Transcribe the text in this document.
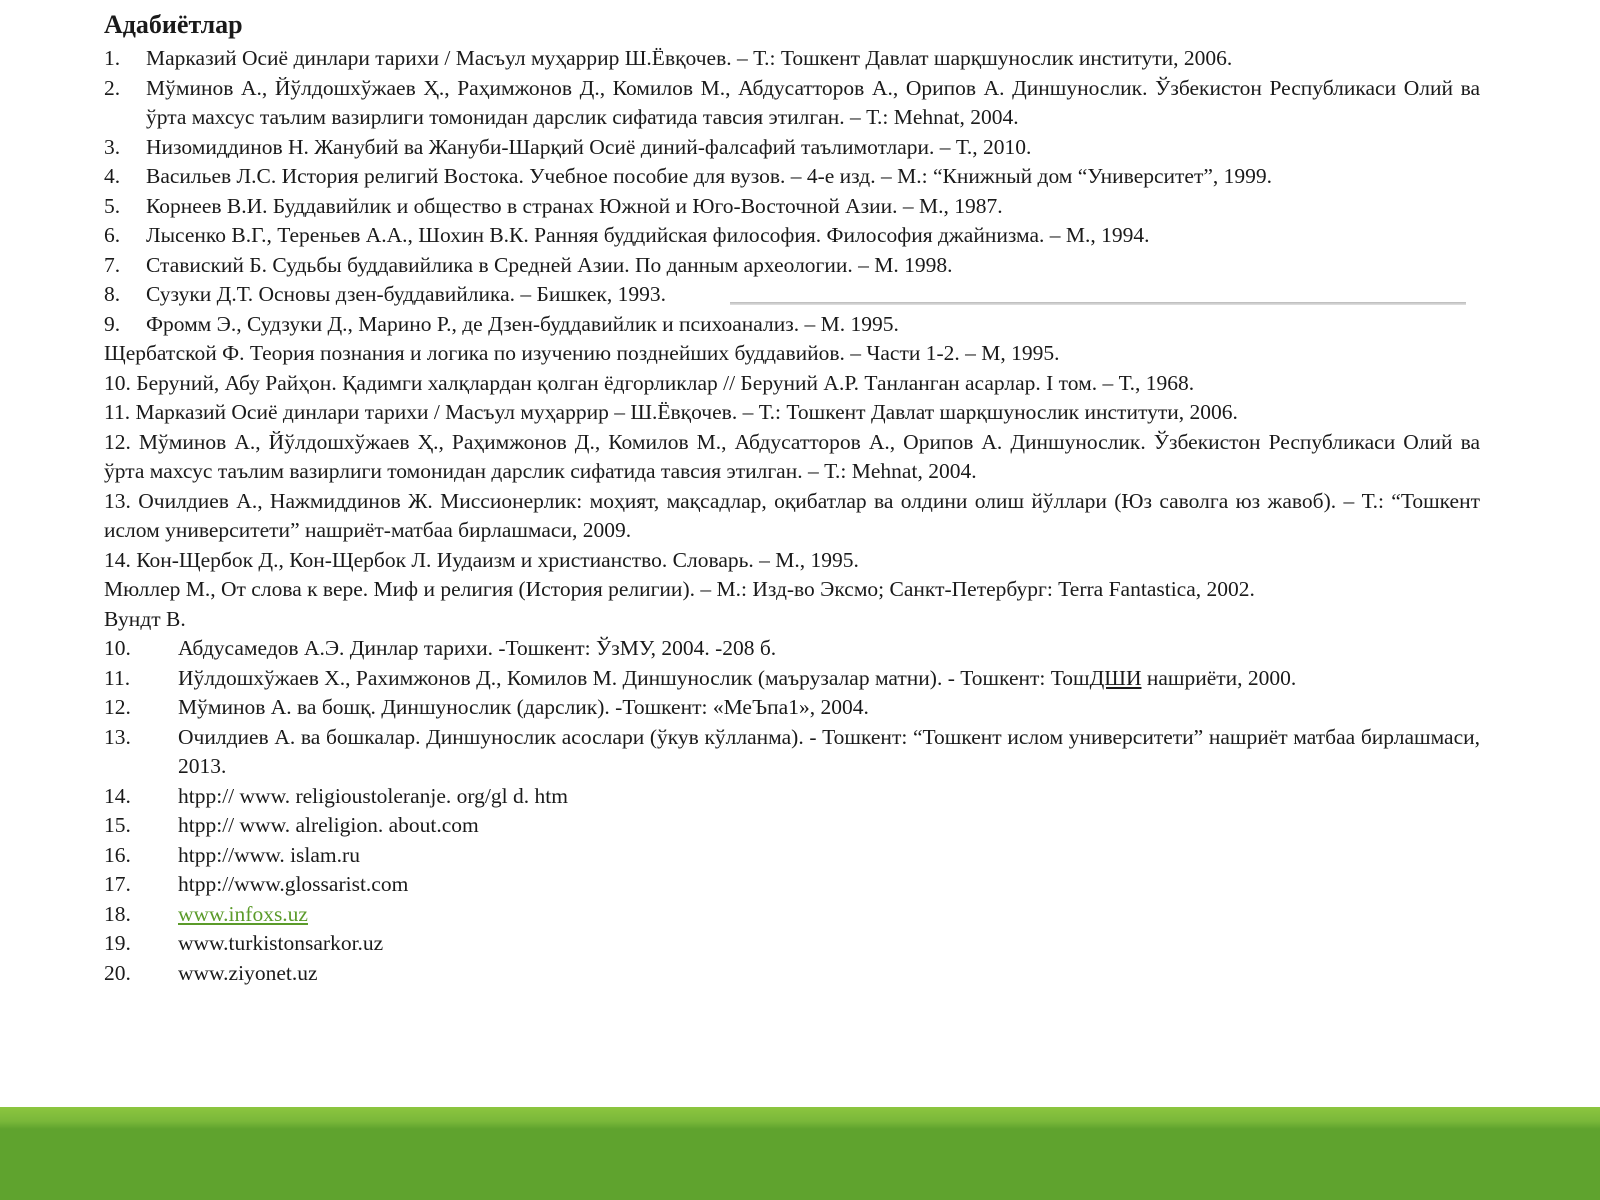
Адабиётлар
1.	Марказий Осиё динлари тарихи / Масъул муҳаррир Ш.Ёвқочев. – Т.: Тошкент Давлат шарқшунослик институти, 2006.
2.	Мўминов А., Йўлдошхўжаев Ҳ., Раҳимжонов Д., Комилов М., Абдусатторов А., Орипов А. Диншунослик. Ўзбекистон Республикаси Олий ва ўрта махсус таълим вазирлиги томонидан дарслик сифатида тавсия этилган. – Т.: Mehnat, 2004.
3.	Низомиддинов Н. Жанубий ва Жануби-Шарқий Осиё диний-фалсафий таълимотлари. – Т., 2010.
4.	Васильев Л.С. История религий Востока. Учебное пособие для вузов. – 4-е изд. – М.: “Книжный дом “Университет”, 1999.
5.	Корнеев В.И. Буддавийлик и общество в странах Южной и Юго-Восточной Азии. – М., 1987.
6.	Лысенко В.Г., Тереньев А.А., Шохин В.К. Ранняя буддийская философия. Философия джайнизма. – М., 1994.
7.	Ставиский Б. Судьбы буддавийлика в Средней Азии. По данным археологии. – М. 1998.
8.	Сузуки Д.Т. Основы дзен-буддавийлика. – Бишкек, 1993.
9.	Фромм Э., Судзуки Д., Марино Р., де Дзен-буддавийлик и психоанализ. – М. 1995.
Щербатской Ф. Теория познания и логика по изучению позднейших буддавийов. – Части 1-2. – М, 1995.
10. Беруний, Абу Райҳон. Қадимги халқлардан қолган ёдгорликлар // Беруний А.Р. Танланган асарлар. I том. – Т., 1968.
11. Марказий Осиё динлари тарихи / Масъул муҳаррир – Ш.Ёвқочев. – Т.: Тошкент Давлат шарқшунослик институти, 2006.
12. Мўминов А., Йўлдошхўжаев Ҳ., Раҳимжонов Д., Комилов М., Абдусатторов А., Орипов А. Диншунослик. Ўзбекистон Республикаси Олий ва ўрта махсус таълим вазирлиги томонидан дарслик сифатида тавсия этилган. – Т.: Mehnat, 2004.
13. Очилдиев А., Нажмиддинов Ж. Миссионерлик: моҳият, мақсадлар, оқибатлар ва олдини олиш йўллари (Юз саволга юз жавоб). – Т.: “Тошкент ислом университети” нашриёт-матбаа бирлашмаси, 2009.
14. Кон-Щербок Д., Кон-Щербок Л. Иудаизм и христианство. Словарь. – М., 1995.
Мюллер М., От слова к вере. Миф и религия (История религии). – М.: Изд-во Эксмо; Санкт-Петербург: Terra Fantastica, 2002.
Вундт В.
10.	Абдусамедов А.Э. Динлар тарихи. -Тошкент: ЎзМУ, 2004. -208 б.
11.	Иўлдошхўжаев Х., Рахимжонов Д., Комилов М. Диншунослик (маърузалар матни). - Тошкент: ТошДШИ нашриёти, 2000.
12.	Мўминов А. ва бошқ. Диншунослик (дарслик). -Тошкент: «МеЪпа1», 2004.
13.	Очилдиев А. ва бошкалар. Диншунослик асослари (ўкув кўлланма). - Тошкент: “Тошкент ислом университети” нашриёт матбаа бирлашмаси, 2013.
14.	htpp:// www. religioustoleranje. org/gl d. htm
15.	htpp:// www. alreligion. about.com
16.	htpp://www. islam.ru
17.	htpp://www.glossarist.com
18.	www.infoxs.uz
19.	www.turkistonsarkor.uz
20.	www.ziyonet.uz
